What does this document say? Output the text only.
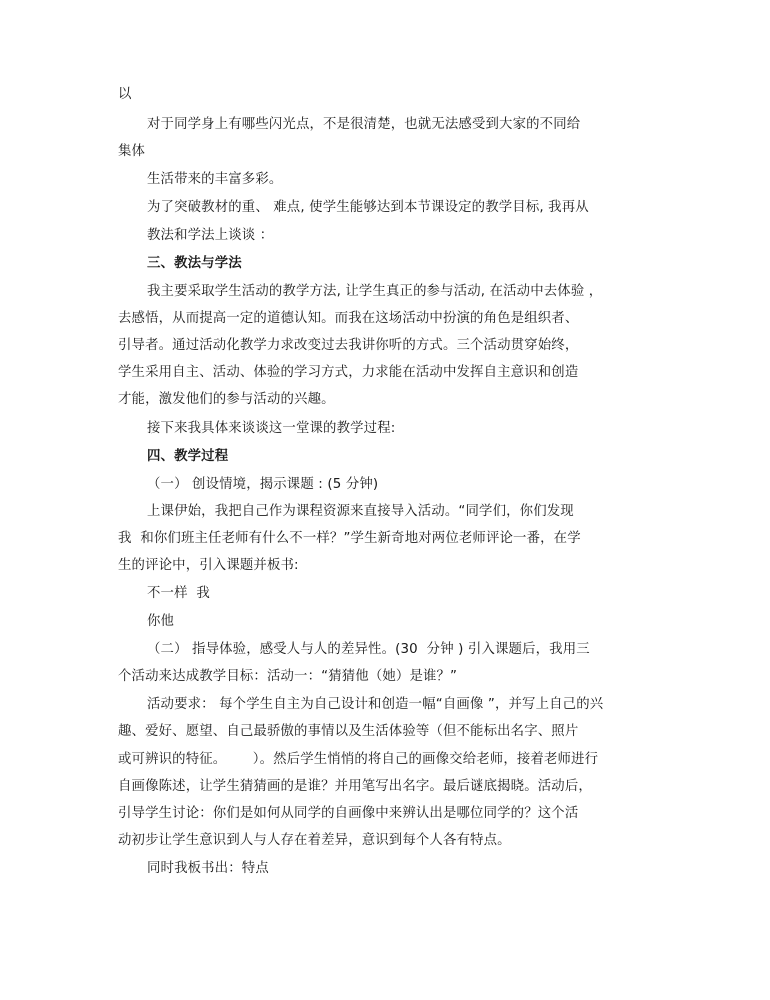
以
对于同学身上有哪些闪光点，不是很清楚，也就无法感受到大家的不同给
集体
生活带来的丰富多彩。
为了突破教材的重、 难点, 使学生能够达到本节课设定的教学目标, 我再从
教法和学法上谈谈 ：
三、教法与学法
我主要采取学生活动的教学方法, 让学生真正的参与活动, 在活动中去体验 ，
去感悟，从而提高一定的道德认知。而我在这场活动中扮演的角色是组织者、
引导者。通过活动化教学力求改变过去我讲你听的方式。三个活动贯穿始终，
学生采用自主、活动、体验的学习方式，力求能在活动中发挥自主意识和创造
才能，激发他们的参与活动的兴趣。
接下来我具体来谈谈这一堂课的教学过程:
四、教学过程
（一） 创设情境，揭示课题 : (5 分钟)
上课伊始，我把自己作为课程资源来直接导入活动。“同学们，你们发现
我  和你们班主任老师有什么不一样？”学生新奇地对两位老师评论一番，在学
生的评论中，引入课题并板书:
不一样  我
你他
（二） 指导体验，感受人与人的差异性。(30  分钟 ) 引入课题后，我用三
个活动来达成教学目标：活动一：“猜猜他（她）是谁？”
活动要求： 每个学生自主为自己设计和创造一幅“自画像 ”，并写上自己的兴
趣、爱好、愿望、自己最骄傲的事情以及生活体验等（但不能标出名字、照片
或可辨识的特征。      ）。然后学生悄悄的将自己的画像交给老师，接着老师进行
自画像陈述，让学生猜猜画的是谁？并用笔写出名字。最后谜底揭晓。活动后，
引导学生讨论：你们是如何从同学的自画像中来辨认出是哪位同学的？这个活
动初步让学生意识到人与人存在着差异，意识到每个人各有特点。
同时我板书出：特点
